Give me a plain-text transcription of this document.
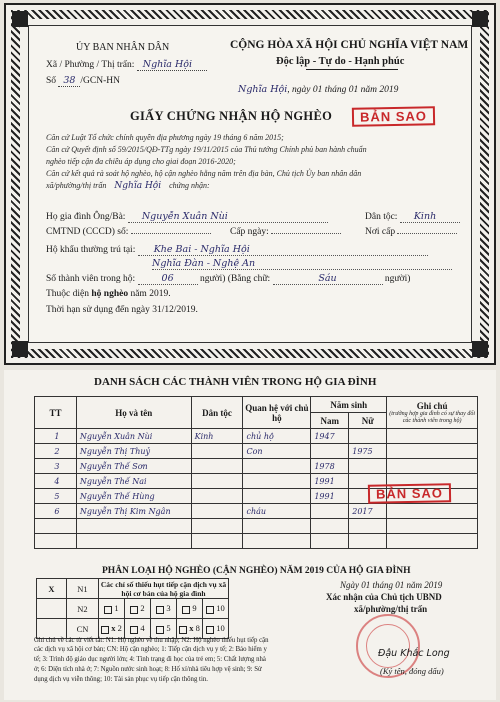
ỦY BAN NHÂN DÂN
Xã / Phường / Thị trấn: Nghĩa Hội
Số 38 /GCN-HN
CỘNG HÒA XÃ HỘI CHỦ NGHĨA VIỆT NAM
Độc lập - Tự do - Hạnh phúc
Nghĩa Hội, ngày 01 tháng 01 năm 2019
GIẤY CHỨNG NHẬN HỘ NGHÈO	BẢN SAO
Căn cứ Luật Tổ chức chính quyền địa phương ngày 19 tháng 6 năm 2015;
Căn cứ Quyết định số 59/2015/QĐ-TTg ngày 19/11/2015 của Thủ tướng Chính phủ ban hành chuẩn
nghèo tiếp cận đa chiều áp dụng cho giai đoạn 2016-2020;
Căn cứ kết quả rà soát hộ nghèo, hộ cận nghèo hằng năm trên địa bàn, Chủ tịch Ủy ban nhân dân
xã/phường/thị trấn Nghĩa Hội chứng nhận:
Họ gia đình Ông/Bà: Nguyễn Xuân Nùi	Dân tộc: Kinh
CMTND (CCCD) số:	Cấp ngày:	Nơi cấp
Hộ khẩu thường trú tại: Khe Bai - Nghĩa Hội
Nghĩa Đàn - Nghệ An
Số thành viên trong hộ:	06	người) (Bằng chữ:	Sáu	người)
Thuộc diện hộ nghèo năm 2019.
Thời hạn sử dụng đến ngày 31/12/2019.
DANH SÁCH CÁC THÀNH VIÊN TRONG HỘ GIA ĐÌNH
TT	Họ và tên	Dân tộc	Quan hệ với chủ hộ	Năm sinh		Ghi chú
(trường hợp gia đình có sự thay đổi các thành viên trong hộ)

				Nam	Nữ	
1	Nguyễn Xuân Nùi	Kinh	chủ hộ	1947		
2	Nguyễn Thị Thuỷ		Con		1975	
3	Nguyễn Thế Sơn			1978		
4	Nguyễn Thế Nai			1991		
5	Nguyễn Thế Hùng			1991		
6	Nguyễn Thị Kim Ngân		cháu		2017	

BẢN SAO
PHÂN LOẠI HỘ NGHÈO (CẬN NGHÈO) NĂM 2019 CỦA HỘ GIA ĐÌNH
X	N1	Các chỉ số thiếu hụt tiếp cận dịch vụ xã hội cơ bản của hộ gia đình				
	N2	1	2	3	9	10
	CN	x 2	4	5	x 8	10
Ngày 01 tháng 01 năm 2019
Xác nhận của Chủ tịch UBND
xã/phường/thị trấn
Đậu Khắc Long
(Ký tên, đóng dấu)
Ghi chú về các từ viết tắt: N1: Hộ nghèo về thu nhập; N2: Hộ nghèo thiếu hụt tiếp cận
các dịch vụ xã hội cơ bản; CN: Hộ cận nghèo; 1: Tiếp cận dịch vụ y tế; 2: Bảo hiểm y
tế; 3: Trình độ giáo dục người lớn; 4: Tình trạng đi học của trẻ em; 5: Chất lượng nhà
ở; 6: Diện tích nhà ở; 7: Nguồn nước sinh hoạt; 8: Hố xí/nhà tiêu hợp vệ sinh; 9: Sử
dụng dịch vụ viễn thông; 10: Tài sản phục vụ tiếp cận thông tin.
